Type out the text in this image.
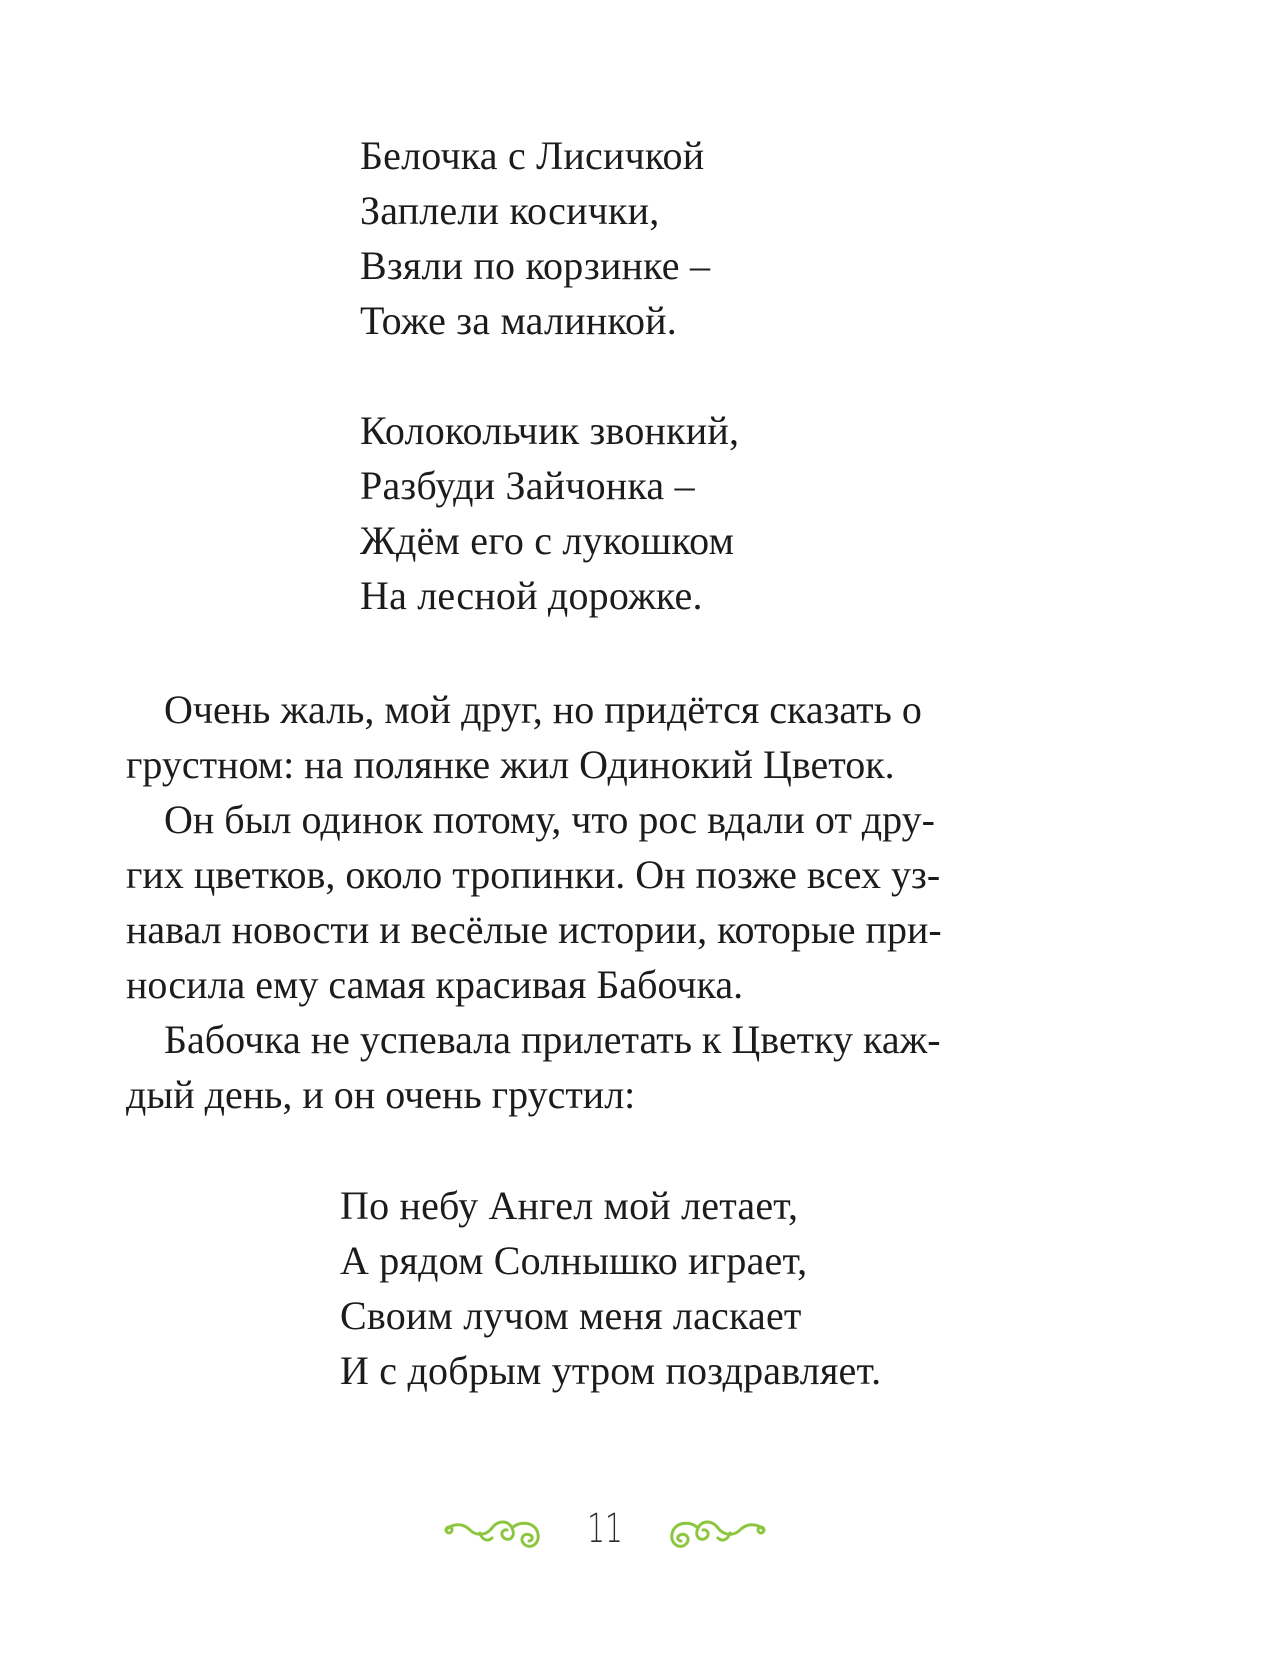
Белочка с Лисичкой
Заплели косички,
Взяли по корзинке –
Тоже за малинкой.
Колокольчик звонкий,
Разбуди Зайчонка –
Ждём его с лукошком
На лесной дорожке.
Очень жаль, мой друг, но придётся сказать о
грустном: на полянке жил Одинокий Цветок.
Он был одинок потому, что рос вдали от дру-
гих цветков, около тропинки. Он позже всех уз-
навал новости и весёлые истории, которые при-
носила ему самая красивая Бабочка.
Бабочка не успевала прилетать к Цветку каж-
дый день, и он очень грустил:
По небу Ангел мой летает,
А рядом Солнышко играет,
Своим лучом меня ласкает
И с добрым утром поздравляет.
11
